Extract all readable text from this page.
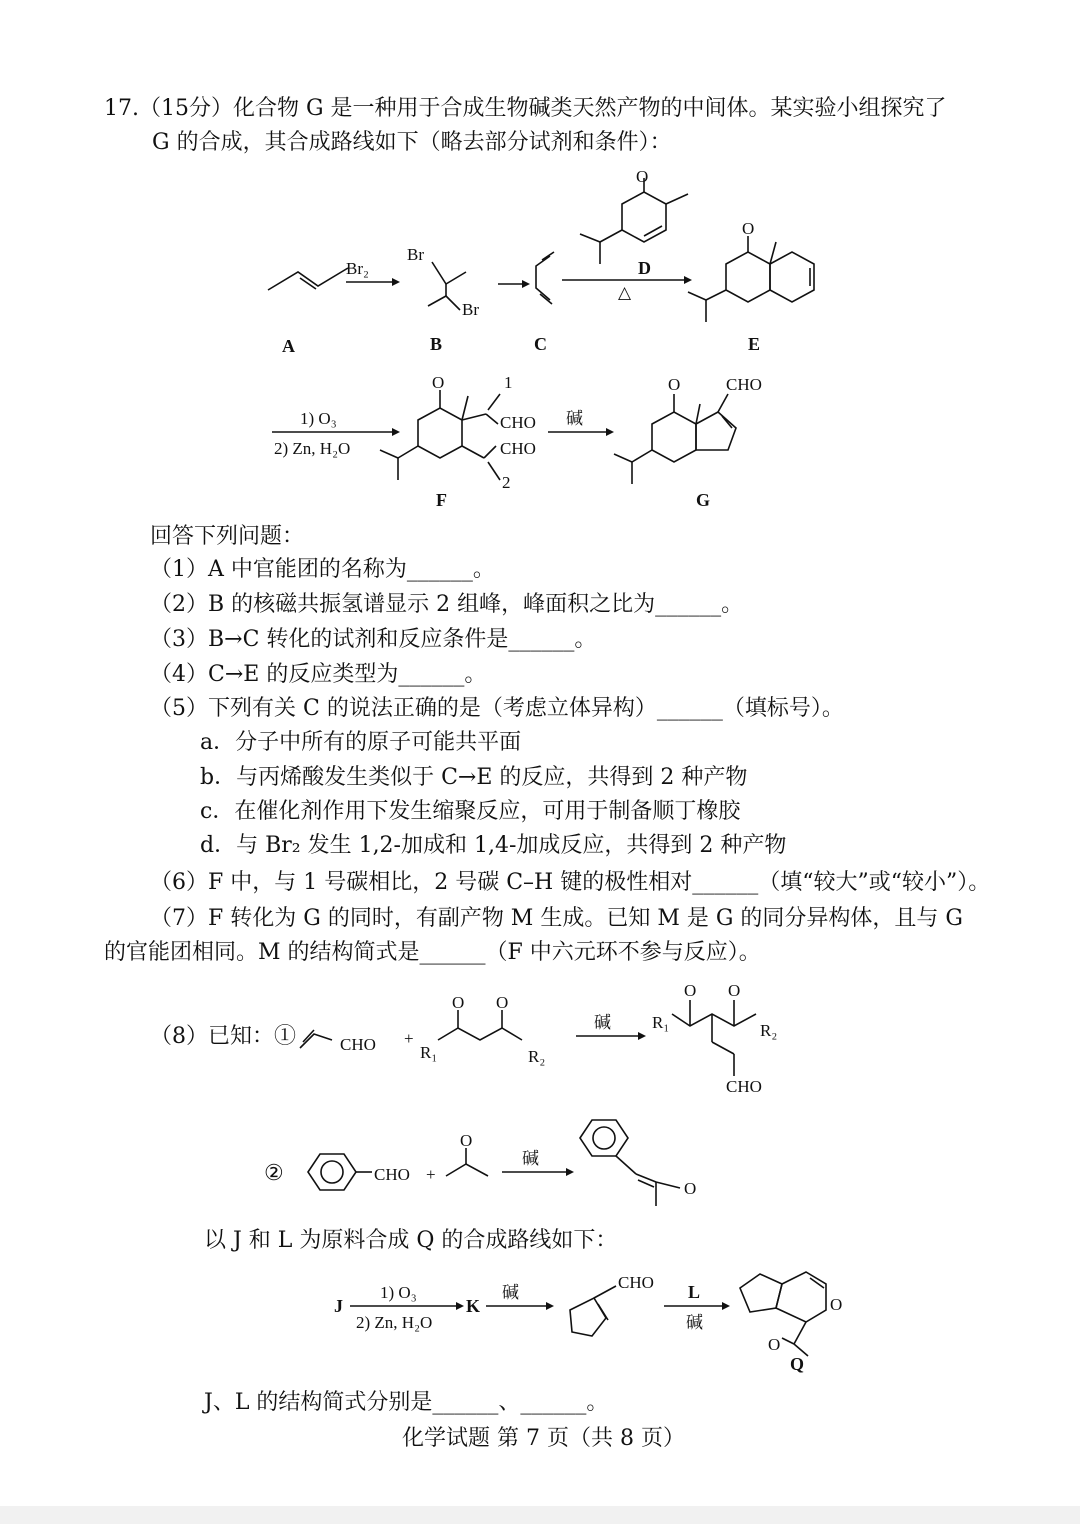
17.（15分）化合物 G 是一种用于合成生物碱类天然产物的中间体。某实验小组探究了
G 的合成，其合成路线如下（略去部分试剂和条件）：
Br₂
Br
Br
△
O
O
A	B	C
D
E
1) O₃
2) Zn, H₂O
O
CHO
CHO
1
2
碱
O	CHO
F	G
回答下列问题：
（1）A 中官能团的名称为______。
（2）B 的核磁共振氢谱显示 2 组峰，峰面积之比为______。
（3）B→C 转化的试剂和反应条件是______。
（4）C→E 的反应类型为______。
（5）下列有关 C 的说法正确的是（考虑立体异构）______（填标号）。
a．分子中所有的原子可能共平面
b．与丙烯酸发生类似于 C→E 的反应，共得到 2 种产物
c．在催化剂作用下发生缩聚反应，可用于制备顺丁橡胶
d．与 Br₂ 发生 1,2-加成和 1,4-加成反应，共得到 2 种产物
（6）F 中，与 1 号碳相比，2 号碳 C–H 键的极性相对______（填“较大”或“较小”）。
（7）F 转化为 G 的同时，有副产物 M 生成。已知 M 是 G 的同分异构体，且与 G
的官能团相同。M 的结构简式是______（F 中六元环不参与反应）。
（8）已知：①	CHO +
O O
R₁	R₂
碱
O O
R₁	R₂
CHO
②	CHO +
O
碱
O
以 J 和 L 为原料合成 Q 的合成路线如下：
J
1) O₃
2) Zn, H₂O
K
碱
CHO L
碱
O
O
Q
J、L 的结构简式分别是______、______。
化学试题 第 7 页（共 8 页）
